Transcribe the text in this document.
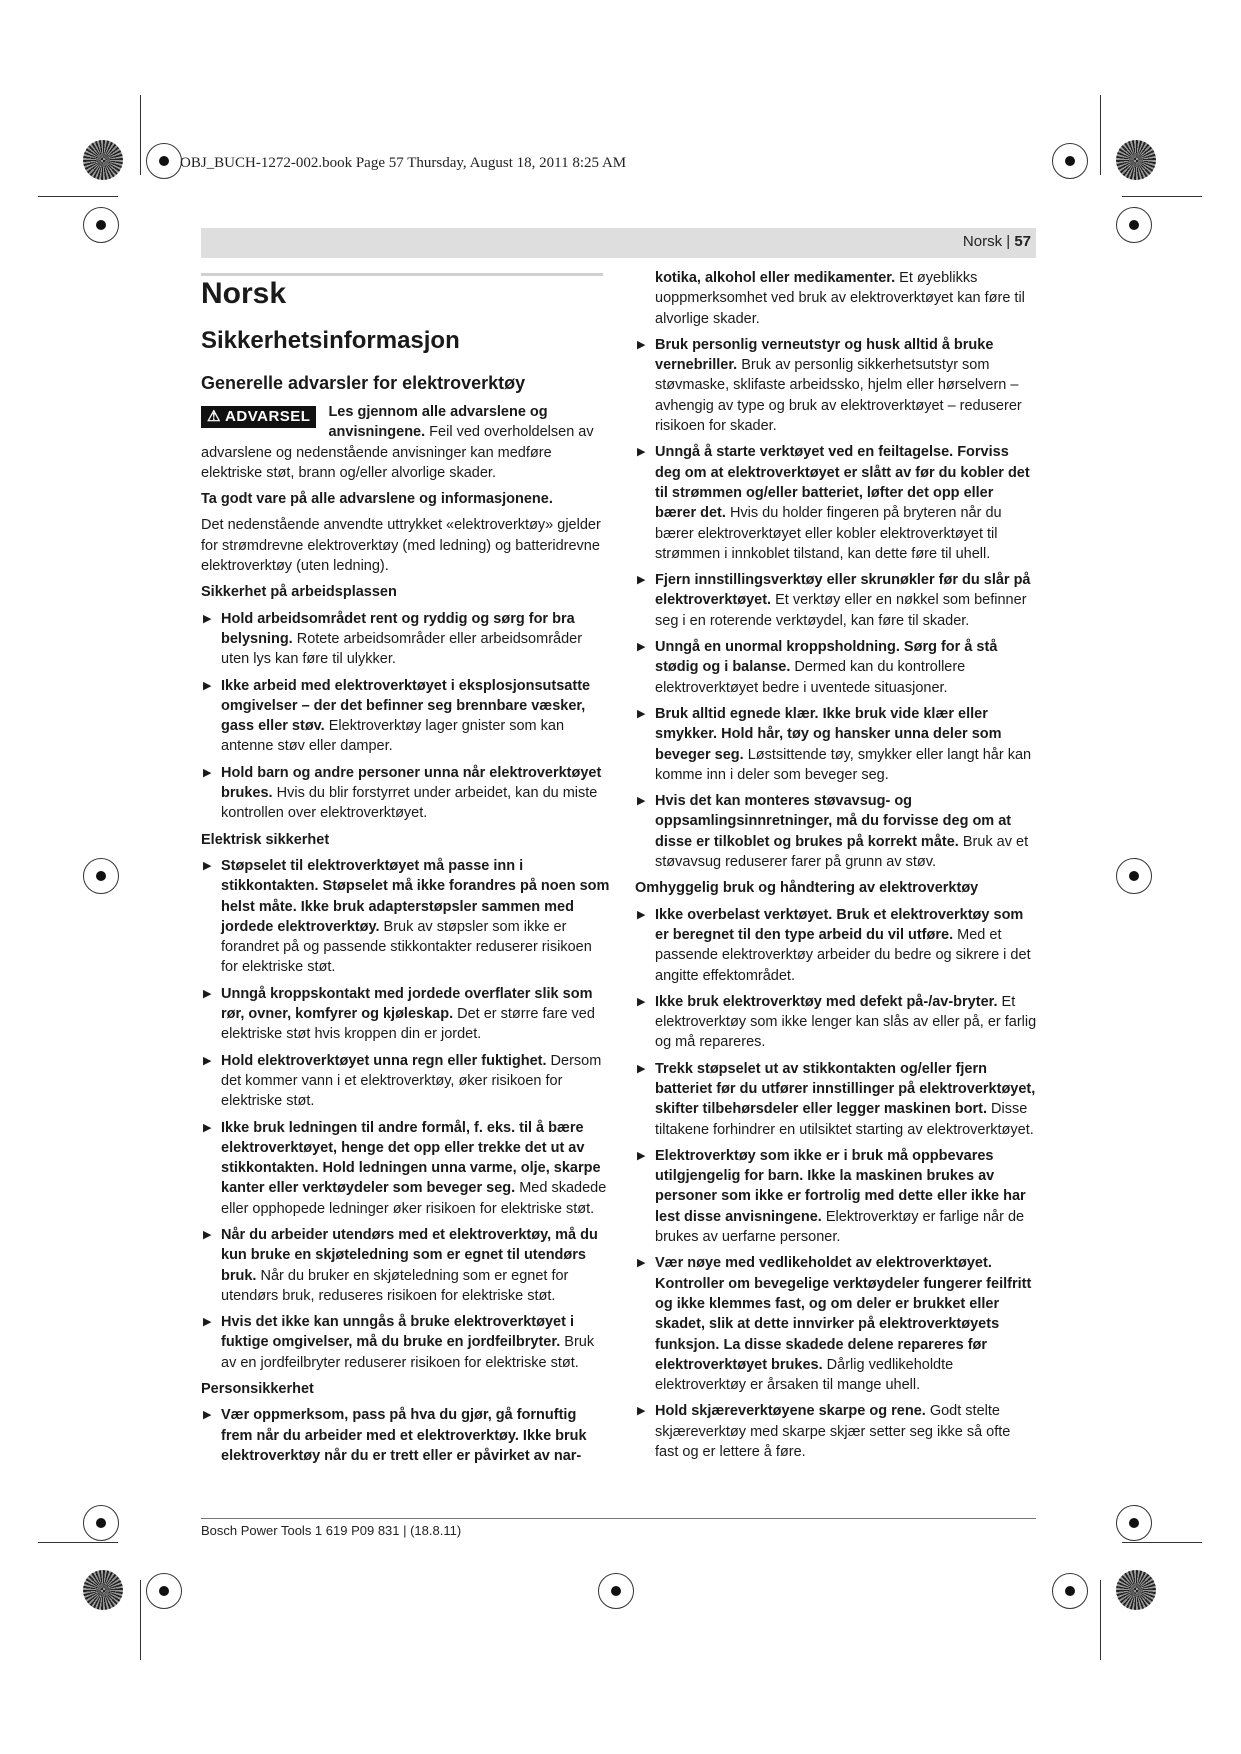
OBJ_BUCH-1272-002.book Page 57 Thursday, August 18, 2011 8:25 AM
Norsk | 57
Norsk
Sikkerhetsinformasjon
Generelle advarsler for elektroverktøy

⚠ ADVARSEL	Les gjennom alle advarslene og anvisningene. Feil ved overholdelsen av advarslene og nedenstående anvisninger kan medføre elektriske støt, brann og/eller alvorlige skader.

Ta godt vare på alle advarslene og informasjonene.

Det nedenstående anvendte uttrykket «elektroverktøy» gjelder for strømdrevne elektroverktøy (med ledning) og batteridrevne elektroverktøy (uten ledning).

Sikkerhet på arbeidsplassen
▶ Hold arbeidsområdet rent og ryddig og sørg for bra belysning. Rotete arbeidsområder eller arbeidsområder uten lys kan føre til ulykker.
▶ Ikke arbeid med elektroverktøyet i eksplosjonsutsatte omgivelser – der det befinner seg brennbare væsker, gass eller støv. Elektroverktøy lager gnister som kan antenne støv eller damper.
▶ Hold barn og andre personer unna når elektroverktøyet brukes. Hvis du blir forstyrret under arbeidet, kan du miste kontrollen over elektroverktøyet.
Elektrisk sikkerhet
▶ Støpselet til elektroverktøyet må passe inn i stikkontakten. Støpselet må ikke forandres på noen som helst måte. Ikke bruk adapterstøpsler sammen med jordede elektroverktøy. Bruk av støpsler som ikke er forandret på og passende stikkontakter reduserer risikoen for elektriske støt.
▶ Unngå kroppskontakt med jordede overflater slik som rør, ovner, komfyrer og kjøleskap. Det er større fare ved elektriske støt hvis kroppen din er jordet.
▶ Hold elektroverktøyet unna regn eller fuktighet. Dersom det kommer vann i et elektroverktøy, øker risikoen for elektriske støt.
▶ Ikke bruk ledningen til andre formål, f. eks. til å bære elektroverktøyet, henge det opp eller trekke det ut av stikkontakten. Hold ledningen unna varme, olje, skarpe kanter eller verktøydeler som beveger seg. Med skadede eller opphopede ledninger øker risikoen for elektriske støt.
▶ Når du arbeider utendørs med et elektroverktøy, må du kun bruke en skjøteledning som er egnet til utendørs bruk. Når du bruker en skjøteledning som er egnet for utendørs bruk, reduseres risikoen for elektriske støt.
▶ Hvis det ikke kan unngås å bruke elektroverktøyet i fuktige omgivelser, må du bruke en jordfeilbryter. Bruk av en jordfeilbryter reduserer risikoen for elektriske støt.
Personsikkerhet
▶ Vær oppmerksom, pass på hva du gjør, gå fornuftig frem når du arbeider med et elektroverktøy. Ikke bruk elektroverktøy når du er trett eller er påvirket av nar-

kotika, alkohol eller medikamenter. Et øyeblikks uoppmerksomhet ved bruk av elektroverktøyet kan føre til alvorlige skader.

▶ Bruk personlig verneutstyr og husk alltid å bruke vernebriller. Bruk av personlig sikkerhetsutstyr som støvmaske, sklifaste arbeidssko, hjelm eller hørselvern – avhengig av type og bruk av elektroverktøyet – reduserer risikoen for skader.
▶ Unngå å starte verktøyet ved en feiltagelse. Forviss deg om at elektroverktøyet er slått av før du kobler det til strømmen og/eller batteriet, løfter det opp eller bærer det. Hvis du holder fingeren på bryteren når du bærer elektroverktøyet eller kobler elektroverktøyet til strømmen i innkoblet tilstand, kan dette føre til uhell.
▶ Fjern innstillingsverktøy eller skrunøkler før du slår på elektroverktøyet. Et verktøy eller en nøkkel som befinner seg i en roterende verktøydel, kan føre til skader.
▶ Unngå en unormal kroppsholdning. Sørg for å stå stødig og i balanse. Dermed kan du kontrollere elektroverktøyet bedre i uventede situasjoner.
▶ Bruk alltid egnede klær. Ikke bruk vide klær eller smykker. Hold hår, tøy og hansker unna deler som beveger seg. Løstsittende tøy, smykker eller langt hår kan komme inn i deler som beveger seg.
▶ Hvis det kan monteres støvavsug- og oppsamlingsinnretninger, må du forvisse deg om at disse er tilkoblet og brukes på korrekt måte. Bruk av et støvavsug reduserer farer på grunn av støv.
Omhyggelig bruk og håndtering av elektroverktøy
▶ Ikke overbelast verktøyet. Bruk et elektroverktøy som er beregnet til den type arbeid du vil utføre. Med et passende elektroverktøy arbeider du bedre og sikrere i det angitte effektområdet.
▶ Ikke bruk elektroverktøy med defekt på-/av-bryter. Et elektroverktøy som ikke lenger kan slås av eller på, er farlig og må repareres.
▶ Trekk støpselet ut av stikkontakten og/eller fjern batteriet før du utfører innstillinger på elektroverktøyet, skifter tilbehørsdeler eller legger maskinen bort. Disse tiltakene forhindrer en utilsiktet starting av elektroverktøyet.
▶ Elektroverktøy som ikke er i bruk må oppbevares utilgjengelig for barn. Ikke la maskinen brukes av personer som ikke er fortrolig med dette eller ikke har lest disse anvisningene. Elektroverktøy er farlige når de brukes av uerfarne personer.
▶ Vær nøye med vedlikeholdet av elektroverktøyet. Kontroller om bevegelige verktøydeler fungerer feilfritt og ikke klemmes fast, og om deler er brukket eller skadet, slik at dette innvirker på elektroverktøyets funksjon. La disse skadede delene repareres før elektroverktøyet brukes. Dårlig vedlikeholdte elektroverktøy er årsaken til mange uhell.
▶ Hold skjæreverktøyene skarpe og rene. Godt stelte skjæreverktøy med skarpe skjær setter seg ikke så ofte fast og er lettere å føre.
Bosch Power Tools 1 619 P09 831 | (18.8.11)
